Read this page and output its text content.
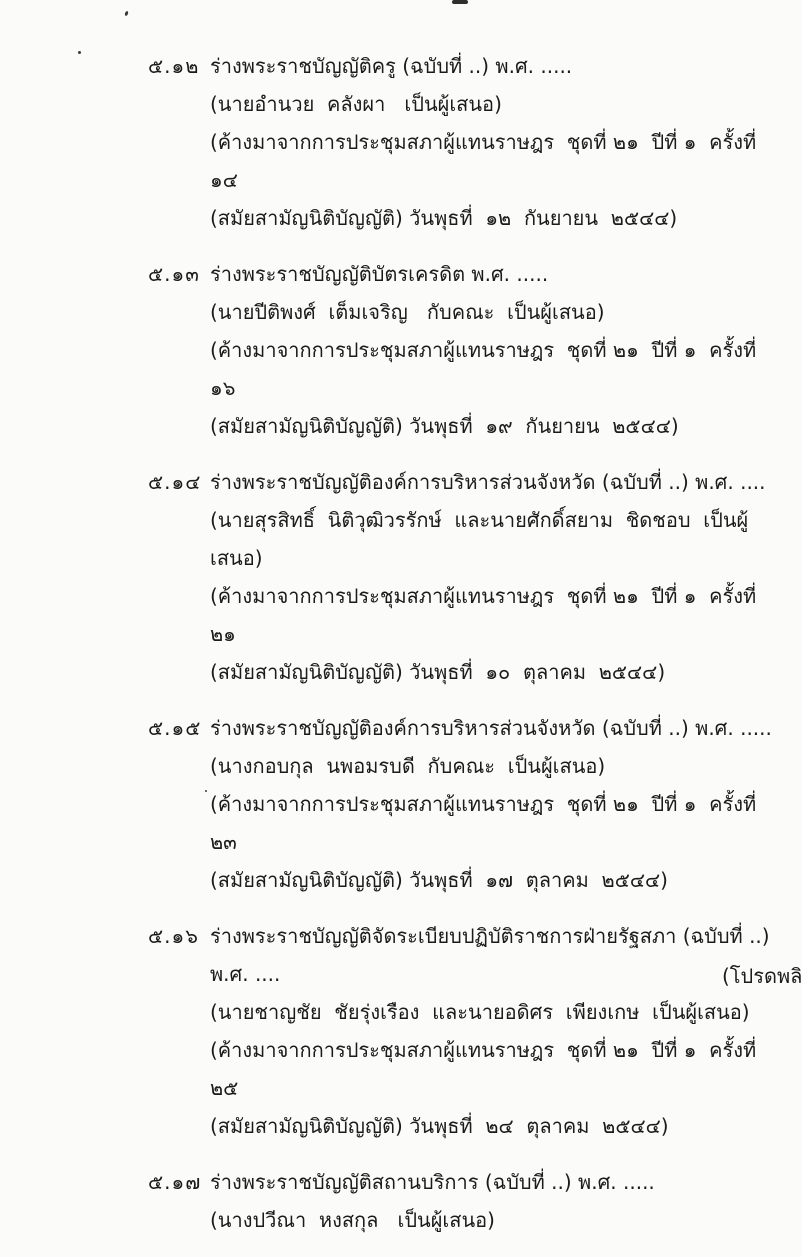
๕.๑๒ ร่างพระราชบัญญัติครู (ฉบับที่ ..) พ.ศ. .....
(นายอำนวย  คลังผา   เป็นผู้เสนอ)
(ค้างมาจากการประชุมสภาผู้แทนราษฎร  ชุดที่ ๒๑  ปีที่ ๑  ครั้งที่ ๑๔
(สมัยสามัญนิติบัญญัติ) วันพุธที่  ๑๒  กันยายน  ๒๕๔๔)
๕.๑๓ ร่างพระราชบัญญัติบัตรเครดิต พ.ศ. .....
(นายปีติพงศ์  เต็มเจริญ   กับคณะ  เป็นผู้เสนอ)
(ค้างมาจากการประชุมสภาผู้แทนราษฎร  ชุดที่ ๒๑  ปีที่ ๑  ครั้งที่ ๑๖
(สมัยสามัญนิติบัญญัติ) วันพุธที่  ๑๙  กันยายน  ๒๕๔๔)
๕.๑๔ ร่างพระราชบัญญัติองค์การบริหารส่วนจังหวัด (ฉบับที่ ..) พ.ศ. ....
(นายสุรสิทธิ์  นิติวุฒิวรรักษ์  และนายศักดิ์สยาม  ชิดชอบ  เป็นผู้เสนอ)
(ค้างมาจากการประชุมสภาผู้แทนราษฎร  ชุดที่ ๒๑  ปีที่ ๑  ครั้งที่ ๒๑
(สมัยสามัญนิติบัญญัติ) วันพุธที่  ๑๐  ตุลาคม  ๒๕๔๔)
๕.๑๕ ร่างพระราชบัญญัติองค์การบริหารส่วนจังหวัด (ฉบับที่ ..) พ.ศ. .....
(นางกอบกุล  นพอมรบดี  กับคณะ  เป็นผู้เสนอ)
(ค้างมาจากการประชุมสภาผู้แทนราษฎร  ชุดที่ ๒๑  ปีที่ ๑  ครั้งที่ ๒๓
(สมัยสามัญนิติบัญญัติ) วันพุธที่  ๑๗  ตุลาคม  ๒๕๔๔)
๕.๑๖ ร่างพระราชบัญญัติจัดระเบียบปฏิบัติราชการฝ่ายรัฐสภา (ฉบับที่ ..) พ.ศ. ....
(นายชาญชัย  ชัยรุ่งเรือง  และนายอดิศร  เพียงเกษ  เป็นผู้เสนอ)
(ค้างมาจากการประชุมสภาผู้แทนราษฎร  ชุดที่ ๒๑  ปีที่ ๑  ครั้งที่ ๒๕
(สมัยสามัญนิติบัญญัติ) วันพุธที่  ๒๔  ตุลาคม  ๒๕๔๔)
๕.๑๗ ร่างพระราชบัญญัติสถานบริการ (ฉบับที่ ..) พ.ศ. .....
(นางปวีณา  หงสกุล   เป็นผู้เสนอ)
(โปรดพลิ
